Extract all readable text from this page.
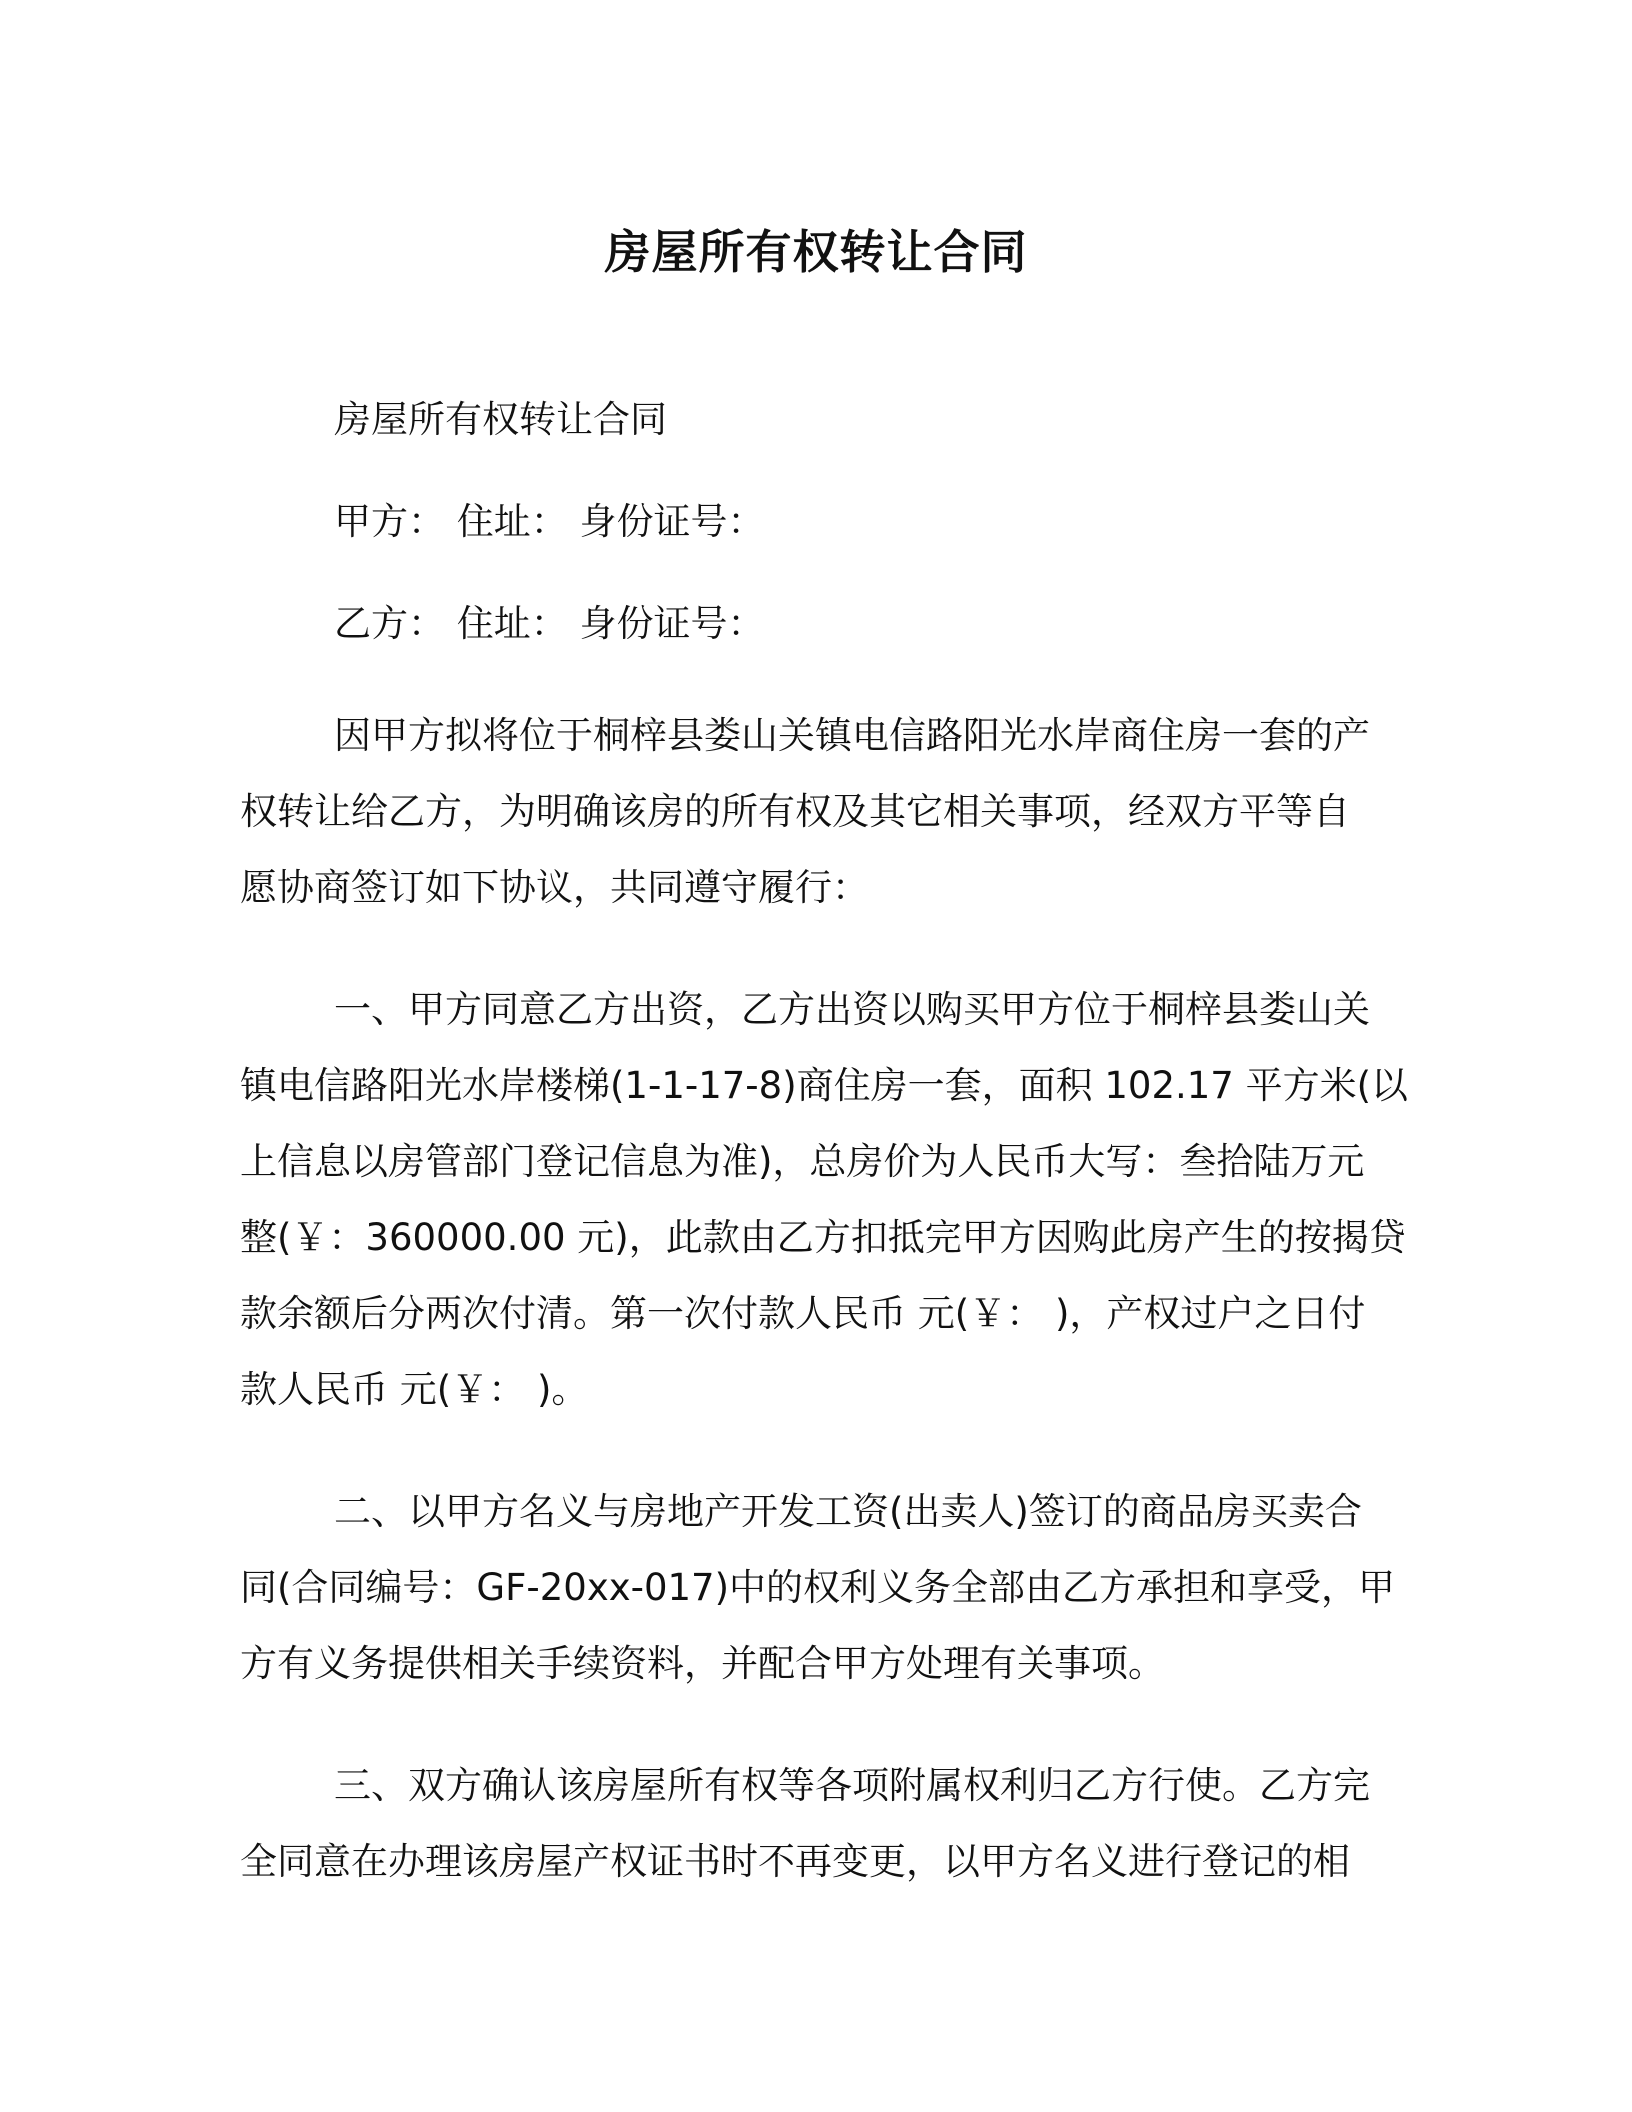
房屋所有权转让合同

房屋所有权转让合同

甲方： 住址： 身份证号：

乙方： 住址： 身份证号：

因甲方拟将位于桐梓县娄山关镇电信路阳光水岸商住房一套的产
权转让给乙方，为明确该房的所有权及其它相关事项，经双方平等自
愿协商签订如下协议，共同遵守履行：
一、甲方同意乙方出资，乙方出资以购买甲方位于桐梓县娄山关
镇电信路阳光水岸楼梯(1-1-17-8)商住房一套，面积 102.17 平方米(以
上信息以房管部门登记信息为准)，总房价为人民币大写：叁拾陆万元
整(￥：360000.00 元)，此款由乙方扣抵完甲方因购此房产生的按揭贷
款余额后分两次付清。第一次付款人民币 元(￥： )，产权过户之日付
款人民币 元(￥： )。
二、以甲方名义与房地产开发工资(出卖人)签订的商品房买卖合
同(合同编号：GF-20xx-017)中的权利义务全部由乙方承担和享受，甲
方有义务提供相关手续资料，并配合甲方处理有关事项。
三、双方确认该房屋所有权等各项附属权利归乙方行使。乙方完
全同意在办理该房屋产权证书时不再变更，以甲方名义进行登记的相
